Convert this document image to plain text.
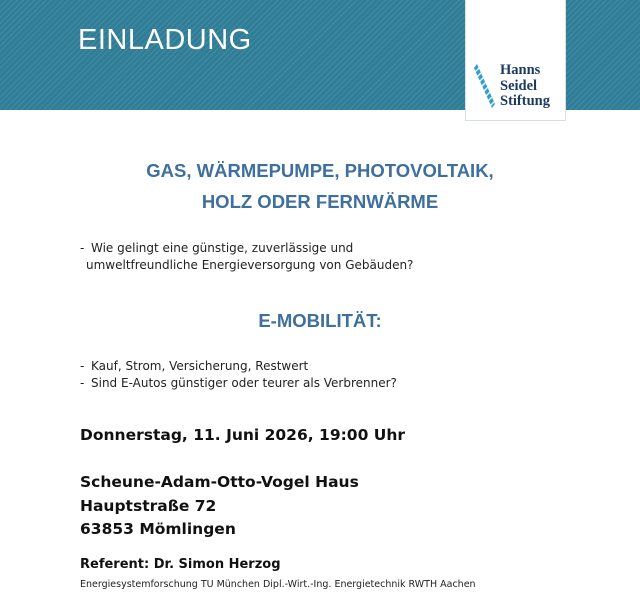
EINLADUNG
Hanns
Seidel
Stiftung
GAS, WÄRMEPUMPE, PHOTOVOLTAIK,
HOLZ ODER FERNWÄRME
- Wie gelingt eine günstige, zuverlässige und
umweltfreundliche Energieversorgung von Gebäuden?
E-MOBILITÄT:
- Kauf, Strom, Versicherung, Restwert
- Sind E-Autos günstiger oder teurer als Verbrenner?

Donnerstag, 11. Juni 2026, 19:00 Uhr

Scheune-Adam-Otto-Vogel Haus

Hauptstraße 72

63853 Mömlingen

Referent: Dr. Simon Herzog

Energiesystemforschung TU München Dipl.-Wirt.-Ing. Energietechnik RWTH Aachen
